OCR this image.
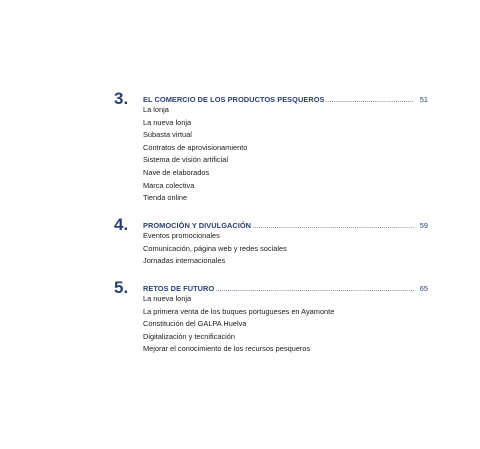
3. EL COMERCIO DE LOS PRODUCTOS PESQUEROS .....	51
La lonja
La nueva lonja
Subasta virtual
Contratos de aprovisionamiento
Sistema de visión artificial
Nave de elaborados
Marca colectiva
Tienda online
4. PROMOCIÓN Y DIVULGACIÓN .....	59
Eventos promocionales
Comunicación, página web y redes sociales
Jornadas internacionales
5. RETOS DE FUTURO .....	65
La nueva lonja
La primera venta de los buques portugueses en Ayamonte
Constitución del GALPA Huelva
Digitalización y tecnificación
Mejorar el conocimiento de los recursos pesqueros
